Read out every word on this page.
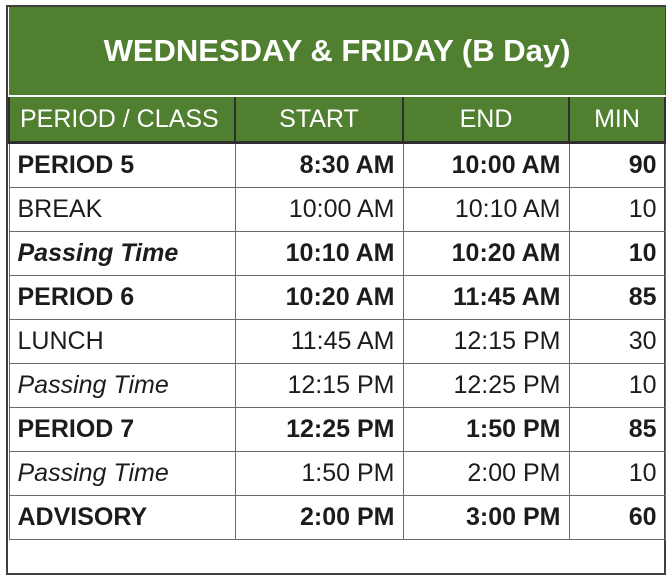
WEDNESDAY & FRIDAY (B Day)			
PERIOD / CLASS	START	END	MIN
PERIOD 5	8:30 AM	10:00 AM	90
BREAK	10:00 AM	10:10 AM	10
Passing Time	10:10 AM	10:20 AM	10
PERIOD 6	10:20 AM	11:45 AM	85
LUNCH	11:45 AM	12:15 PM	30
Passing Time	12:15 PM	12:25 PM	10
PERIOD 7	12:25 PM	1:50 PM	85
Passing Time	1:50 PM	2:00 PM	10
ADVISORY	2:00 PM	3:00 PM	60
